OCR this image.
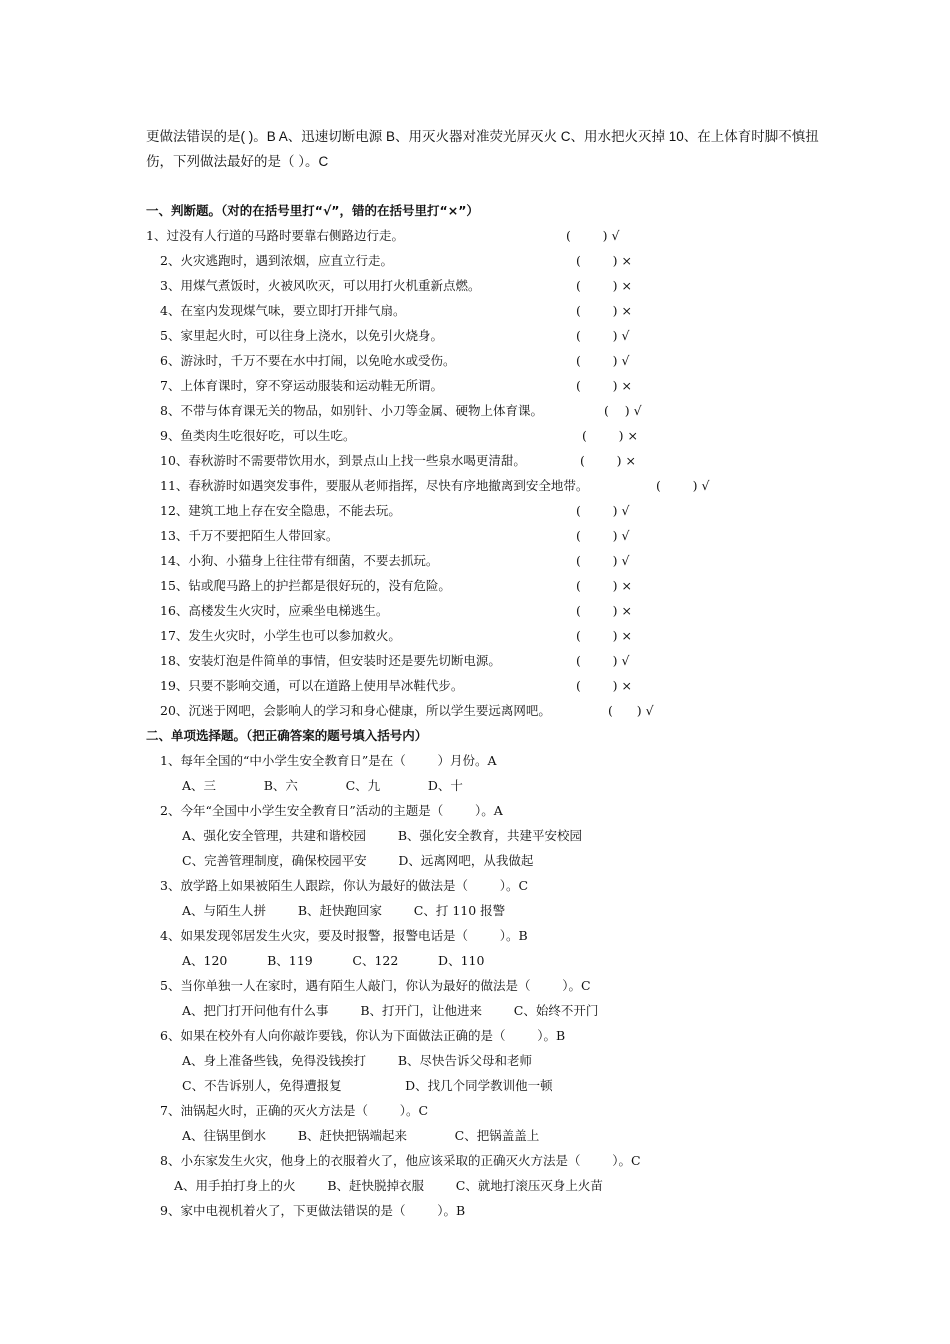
更做法错误的是( )。B A、迅速切断电源 B、用灭火器对准荧光屏灭火 C、用水把火灭掉 10、在上体育时脚不慎扭伤，下列做法最好的是（ ）。C
一、判断题。（对的在括号里打“√”，错的在括号里打“×”）
1、过没有人行道的马路时要靠右侧路边行走。	(        ) √
2、火灾逃跑时，遇到浓烟，应直立行走。	(        ) ×
3、用煤气煮饭时，火被风吹灭，可以用打火机重新点燃。	(        ) ×
4、在室内发现煤气味，要立即打开排气扇。	(        ) ×
5、家里起火时，可以往身上浇水，以免引火烧身。	(        ) √
6、游泳时，千万不要在水中打闹，以免呛水或受伤。	(        ) √
7、上体育课时，穿不穿运动服装和运动鞋无所谓。	(        ) ×
8、不带与体育课无关的物品，如别针、小刀等金属、硬物上体育课。	(    ) √
9、鱼类肉生吃很好吃，可以生吃。	(        ) ×
10、春秋游时不需要带饮用水，到景点山上找一些泉水喝更清甜。	(        ) ×
11、春秋游时如遇突发事件，要服从老师指挥，尽快有序地撤离到安全地带。	(        ) √
12、建筑工地上存在安全隐患，不能去玩。	(        ) √
13、千万不要把陌生人带回家。	(        ) √
14、小狗、小猫身上往往带有细菌，不要去抓玩。	(        ) √
15、钻或爬马路上的护拦都是很好玩的，没有危险。	(        ) ×
16、高楼发生火灾时，应乘坐电梯逃生。	(        ) ×
17、发生火灾时，小学生也可以参加救火。	(        ) ×
18、安装灯泡是件简单的事情，但安装时还是要先切断电源。	(        ) √
19、只要不影响交通，可以在道路上使用旱冰鞋代步。	(        ) ×
20、沉迷于网吧，会影响人的学习和身心健康，所以学生要远离网吧。	(      ) √
二、单项选择题。（把正确答案的题号填入括号内）
1、每年全国的“中小学生安全教育日”是在（        ）月份。A
A、三            B、六            C、九            D、十
2、今年“全国中小学生安全教育日”活动的主题是（        ）。A
A、强化安全管理，共建和谐校园        B、强化安全教育，共建平安校园
C、完善管理制度，确保校园平安        D、远离网吧，从我做起
3、放学路上如果被陌生人跟踪，你认为最好的做法是（        ）。C
A、与陌生人拼        B、赶快跑回家        C、打 110 报警
4、如果发现邻居发生火灾，要及时报警，报警电话是（        ）。B
A、120          B、119          C、122          D、110
5、当你单独一人在家时，遇有陌生人敲门，你认为最好的做法是（        ）。C
A、把门打开问他有什么事        B、打开门，让他进来        C、始终不开门
6、如果在校外有人向你敲诈要钱，你认为下面做法正确的是（        ）。B
A、身上准备些钱，免得没钱挨打        B、尽快告诉父母和老师
C、不告诉别人，免得遭报复                D、找几个同学教训他一顿
7、油锅起火时，正确的灭火方法是（        ）。C
A、往锅里倒水        B、赶快把锅端起来            C、把锅盖盖上
8、小东家发生火灾，他身上的衣服着火了，他应该采取的正确灭火方法是（        ）。C
A、用手拍打身上的火        B、赶快脱掉衣服        C、就地打滚压灭身上火苗
9、家中电视机着火了，下更做法错误的是（        ）。B
